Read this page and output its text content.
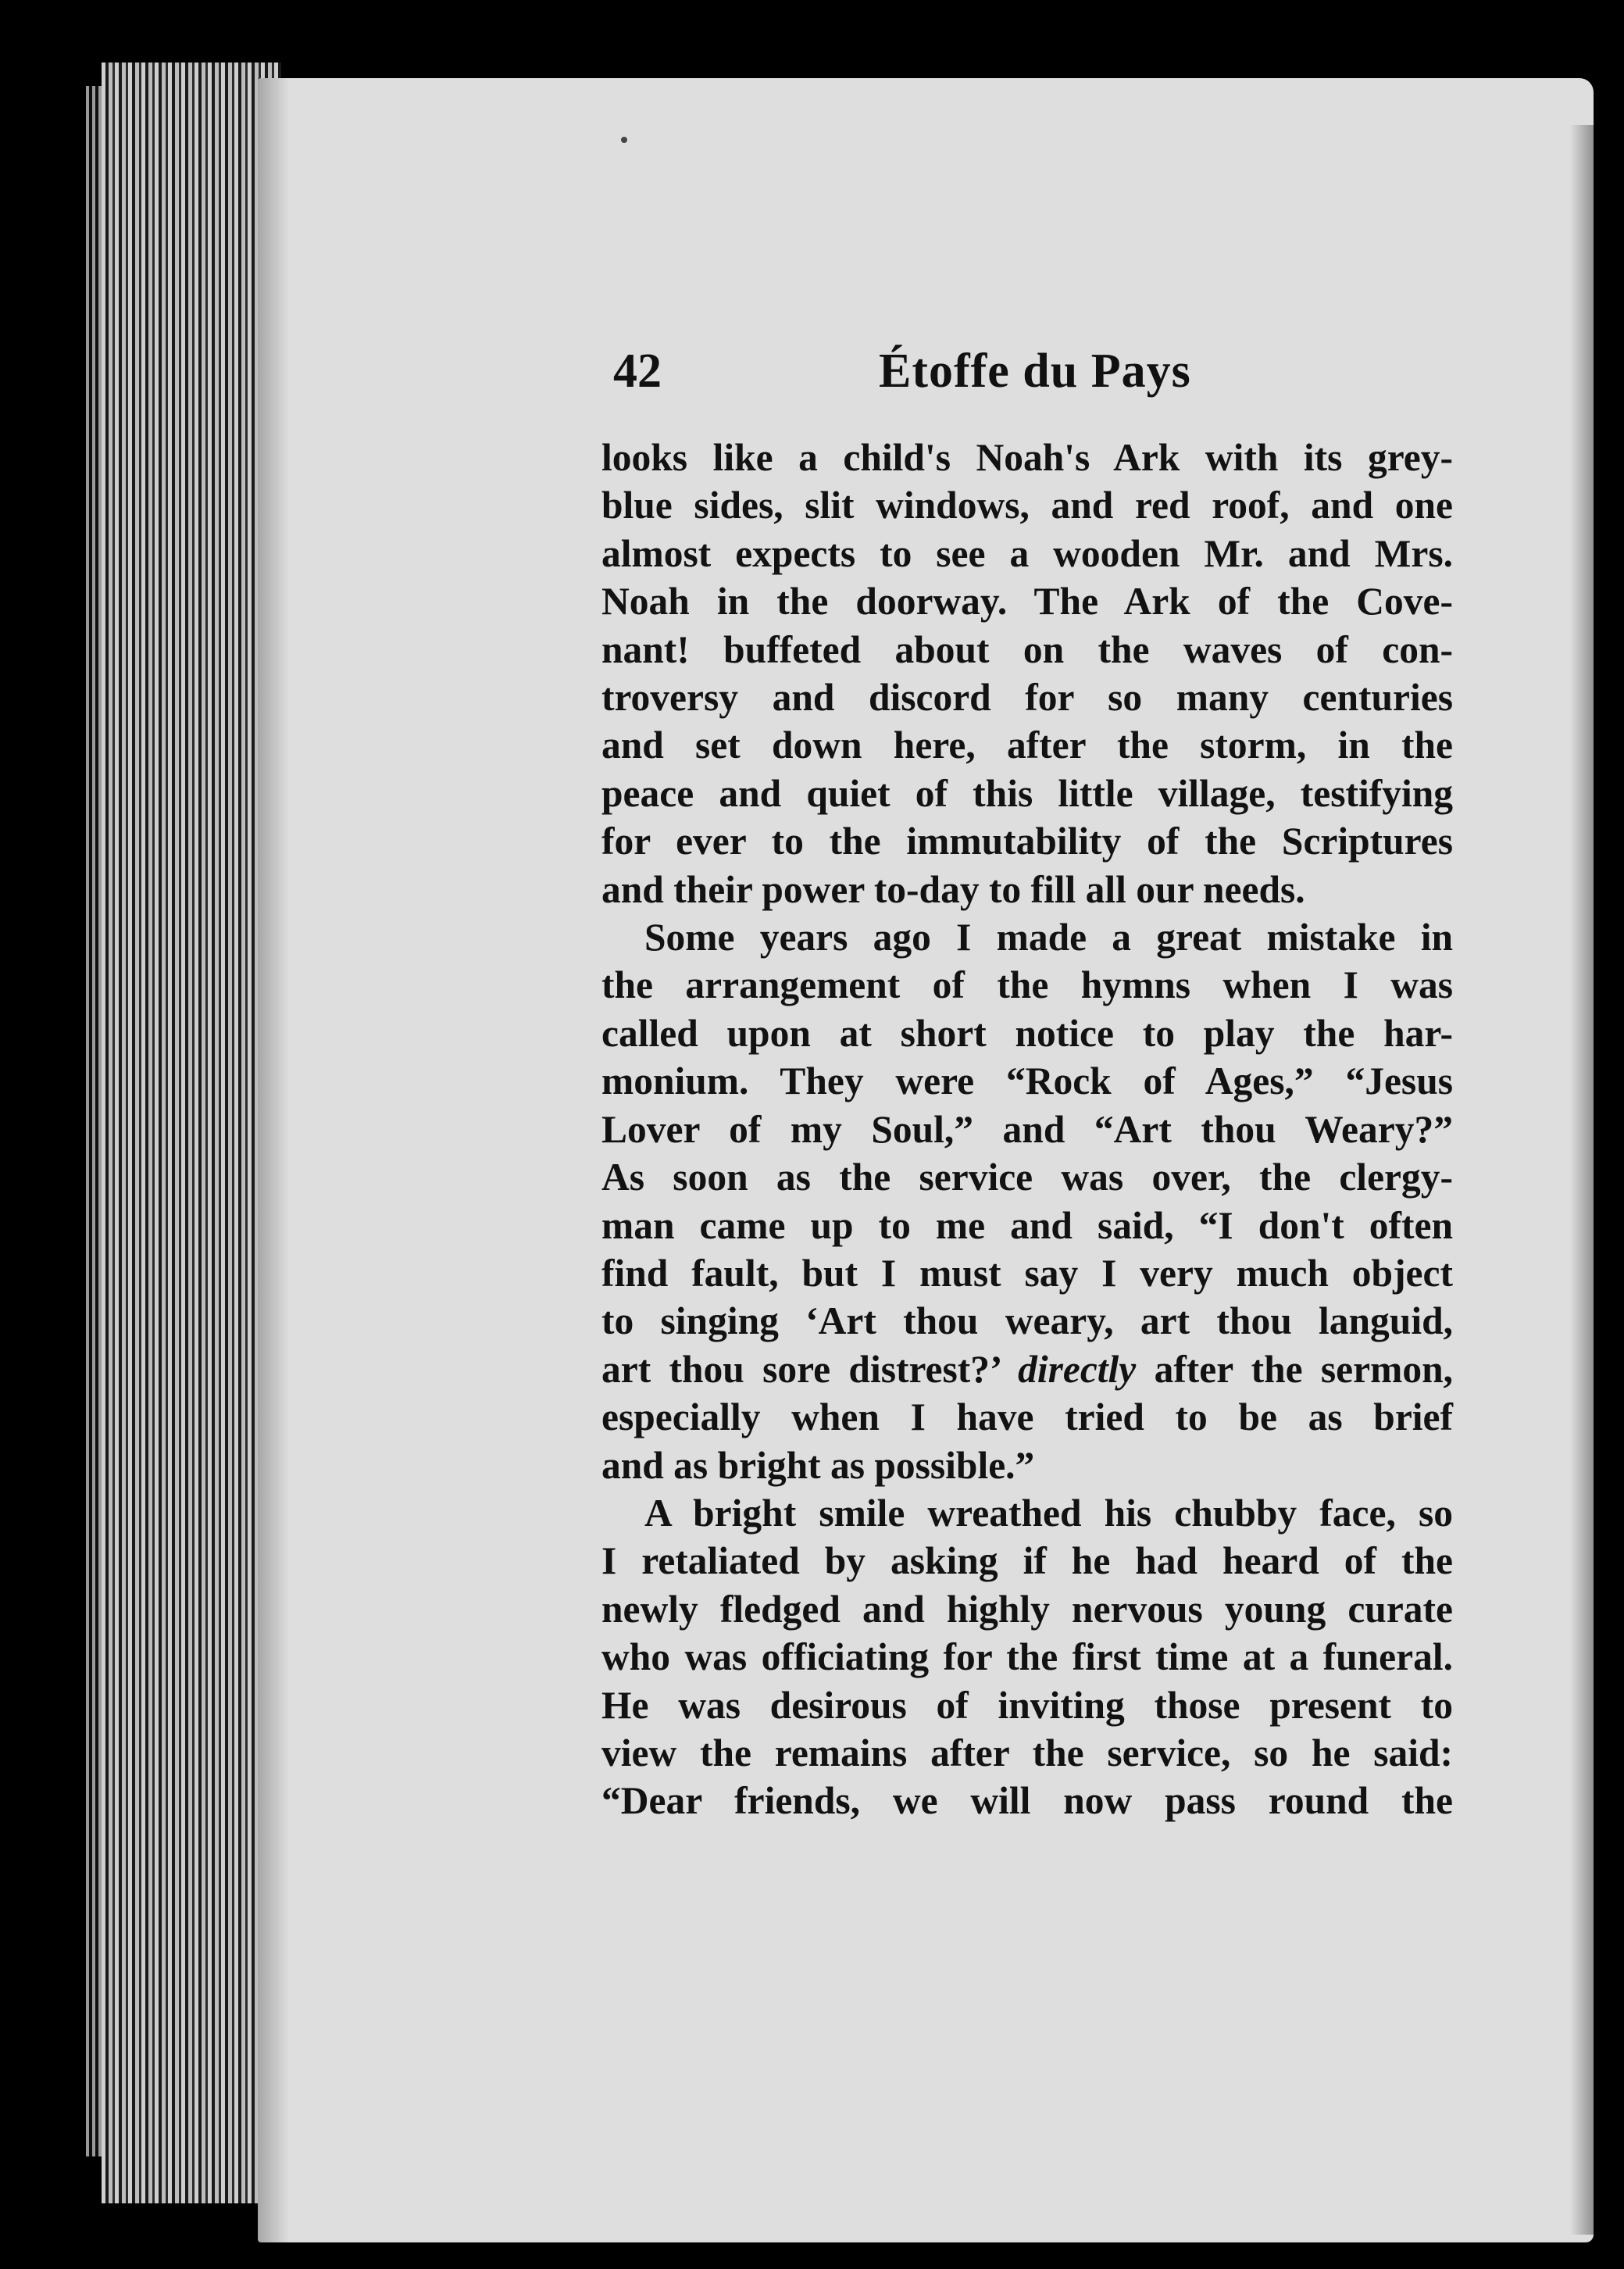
42	Étoffe du Pays

looks like a child's Noah's Ark with its grey-
blue sides, slit windows, and red roof, and one
almost expects to see a wooden Mr. and Mrs.
Noah in the doorway. The Ark of the Cove-
nant! buffeted about on the waves of con-
troversy and discord for so many centuries
and set down here, after the storm, in the
peace and quiet of this little village, testifying
for ever to the immutability of the Scriptures
and their power to-day to fill all our needs.

Some years ago I made a great mistake in
the arrangement of the hymns when I was
called upon at short notice to play the har-
monium. They were “Rock of Ages,” “Jesus
Lover of my Soul,” and “Art thou Weary?”
As soon as the service was over, the clergy-
man came up to me and said, “I don't often
find fault, but I must say I very much object
to singing ‘Art thou weary, art thou languid,
art thou sore distrest?’ directly after the sermon,
especially when I have tried to be as brief
and as bright as possible.”

A bright smile wreathed his chubby face, so
I retaliated by asking if he had heard of the
newly fledged and highly nervous young curate
who was officiating for the first time at a funeral.
He was desirous of inviting those present to
view the remains after the service, so he said:
“Dear friends, we will now pass round the
